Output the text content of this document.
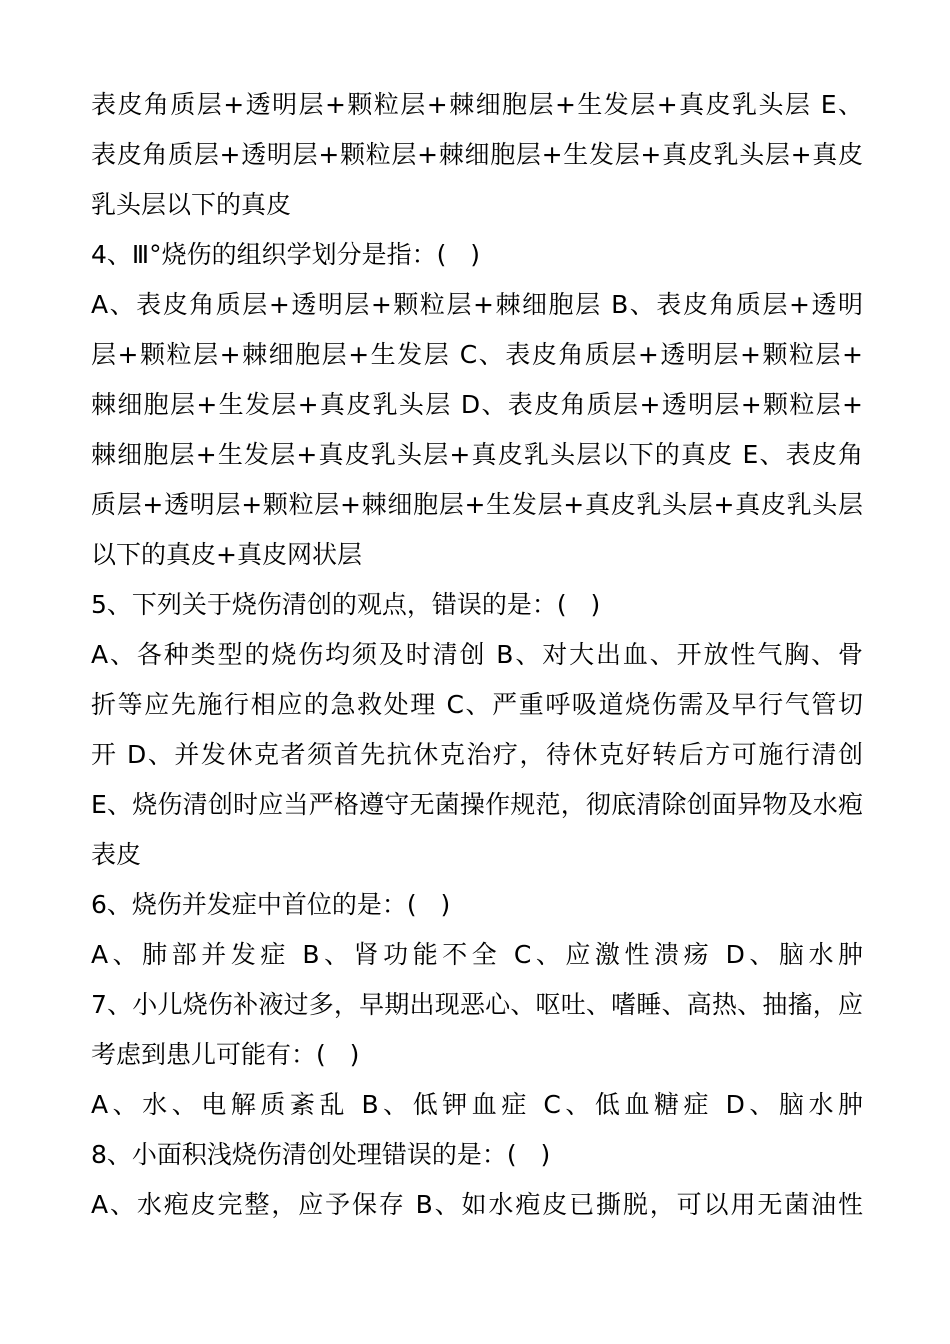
表皮角质层+透明层+颗粒层+棘细胞层+生发层+真皮乳头层 E、
表皮角质层+透明层+颗粒层+棘细胞层+生发层+真皮乳头层+真皮
乳头层以下的真皮
4、Ⅲ°烧伤的组织学划分是指：(   )
A、表皮角质层+透明层+颗粒层+棘细胞层 B、表皮角质层+透明
层+颗粒层+棘细胞层+生发层 C、表皮角质层+透明层+颗粒层+
棘细胞层+生发层+真皮乳头层 D、表皮角质层+透明层+颗粒层+
棘细胞层+生发层+真皮乳头层+真皮乳头层以下的真皮 E、表皮角
质层+透明层+颗粒层+棘细胞层+生发层+真皮乳头层+真皮乳头层
以下的真皮+真皮网状层
5、下列关于烧伤清创的观点，错误的是：(   )
A、各种类型的烧伤均须及时清创 B、对大出血、开放性气胸、骨
折等应先施行相应的急救处理 C、严重呼吸道烧伤需及早行气管切
开 D、并发休克者须首先抗休克治疗，待休克好转后方可施行清创
E、烧伤清创时应当严格遵守无菌操作规范，彻底清除创面异物及水疱
表皮
6、烧伤并发症中首位的是：(   )
A、肺部并发症 B、肾功能不全 C、应激性溃疡 D、脑水肿
7、小儿烧伤补液过多，早期出现恶心、呕吐、嗜睡、高热、抽搐，应
考虑到患儿可能有：(   )
A、水、电解质紊乱 B、低钾血症 C、低血糖症 D、脑水肿
8、小面积浅烧伤清创处理错误的是：(   )
A、水疱皮完整，应予保存 B、如水疱皮已撕脱，可以用无菌油性
